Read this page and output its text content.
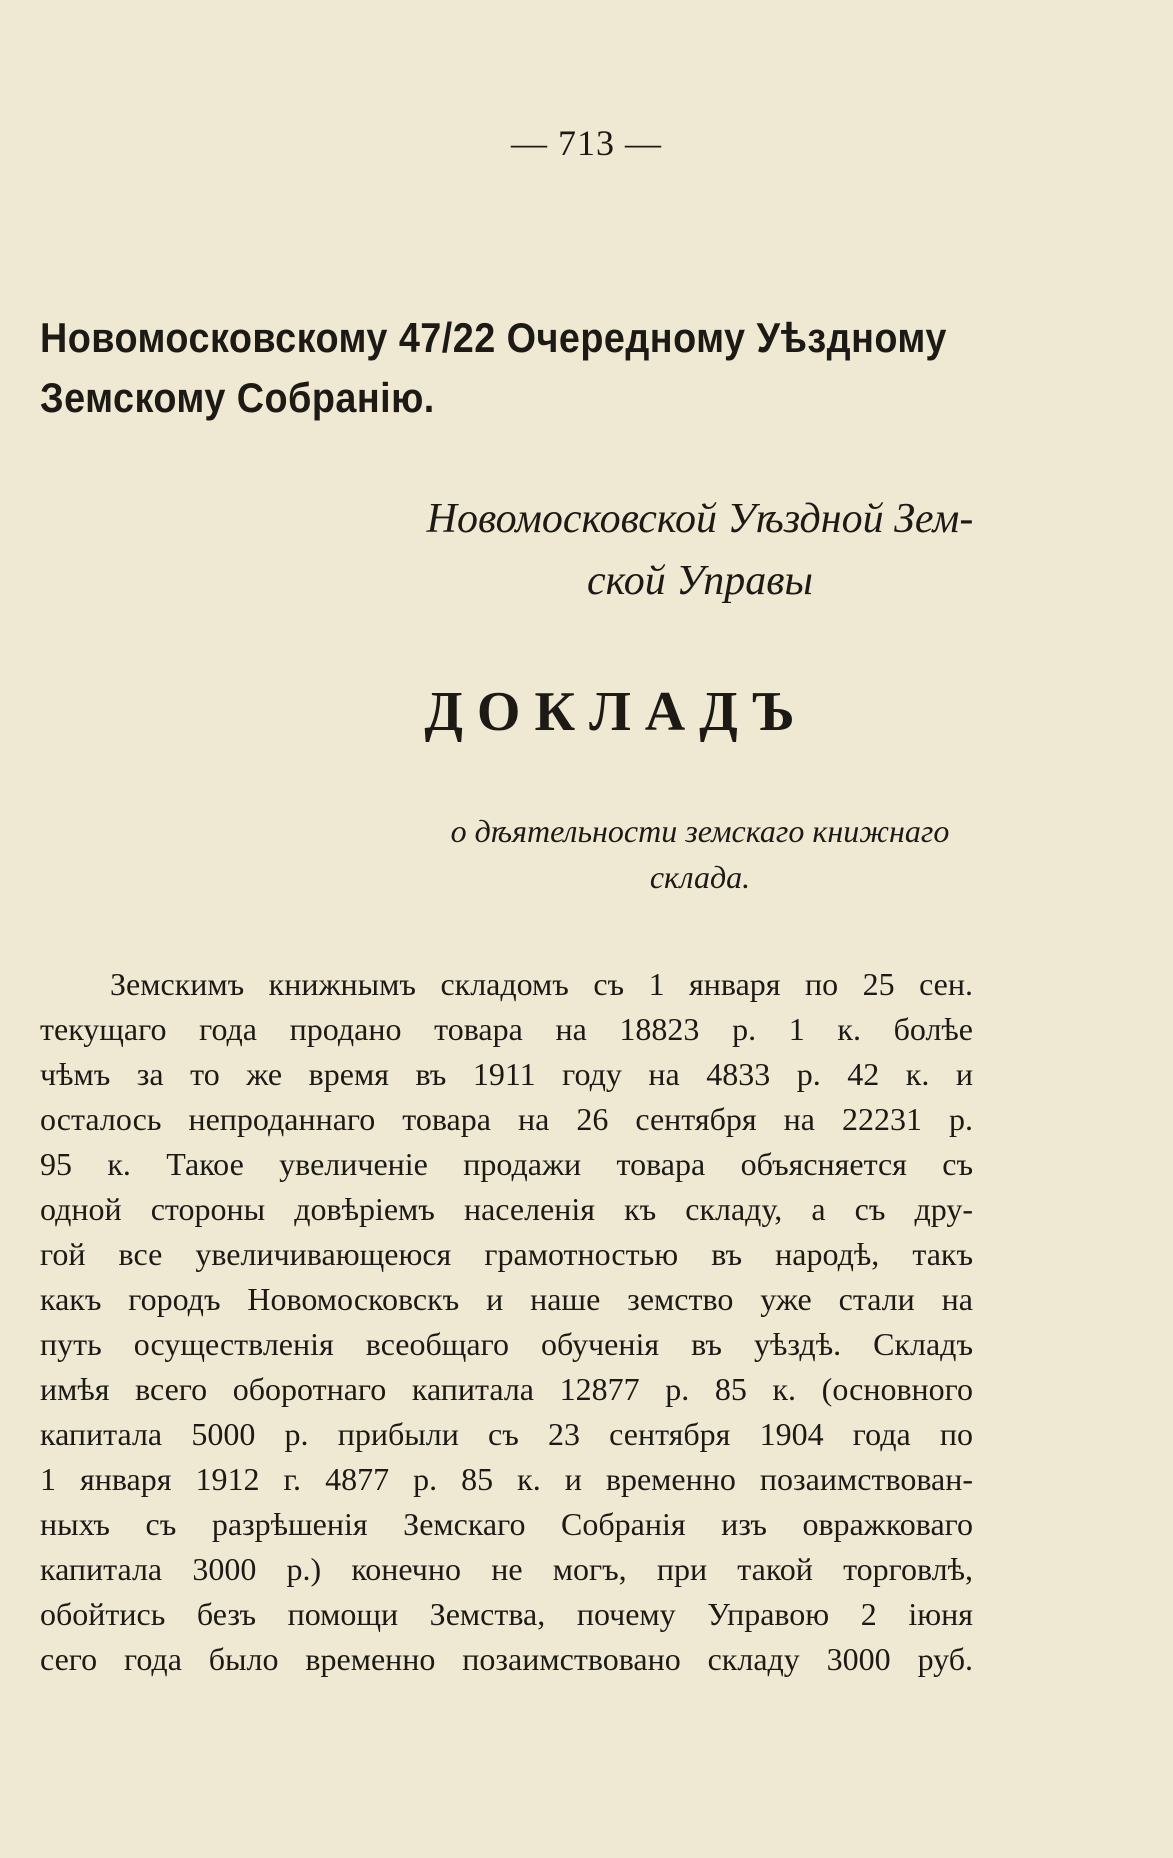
— 713 —
Новомосковскому 47/22 Очередному Уѣздному
Земскому Собранію.
Новомосковской Уѣздной Зем-
ской Управы
ДОКЛАДЪ
о дѣятельности земскаго книжнаго
склада.
Земскимъ книжнымъ складомъ съ 1 января по 25 сен.
текущаго года продано товара на 18823 р. 1 к. болѣе
чѣмъ за то же время въ 1911 году на 4833 р. 42 к. и
осталось непроданнаго товара на 26 сентября на 22231 р.
95 к. Такое увеличеніе продажи товара объясняется съ
одной стороны довѣріемъ населенія къ складу, а съ дру-
гой все увеличивающеюся грамотностью въ народѣ, такъ
какъ городъ Новомосковскъ и наше земство уже стали на
путь осуществленія всеобщаго обученія въ уѣздѣ. Складъ
имѣя всего оборотнаго капитала 12877 р. 85 к. (основного
капитала 5000 р. прибыли съ 23 сентября 1904 года по
1 января 1912 г. 4877 р. 85 к. и временно позаимствован-
ныхъ съ разрѣшенія Земскаго Собранія изъ овражковаго
капитала 3000 р.) конечно не могъ, при такой торговлѣ,
обойтись безъ помощи Земства, почему Управою 2 іюня
сего года было временно позаимствовано складу 3000 руб.
